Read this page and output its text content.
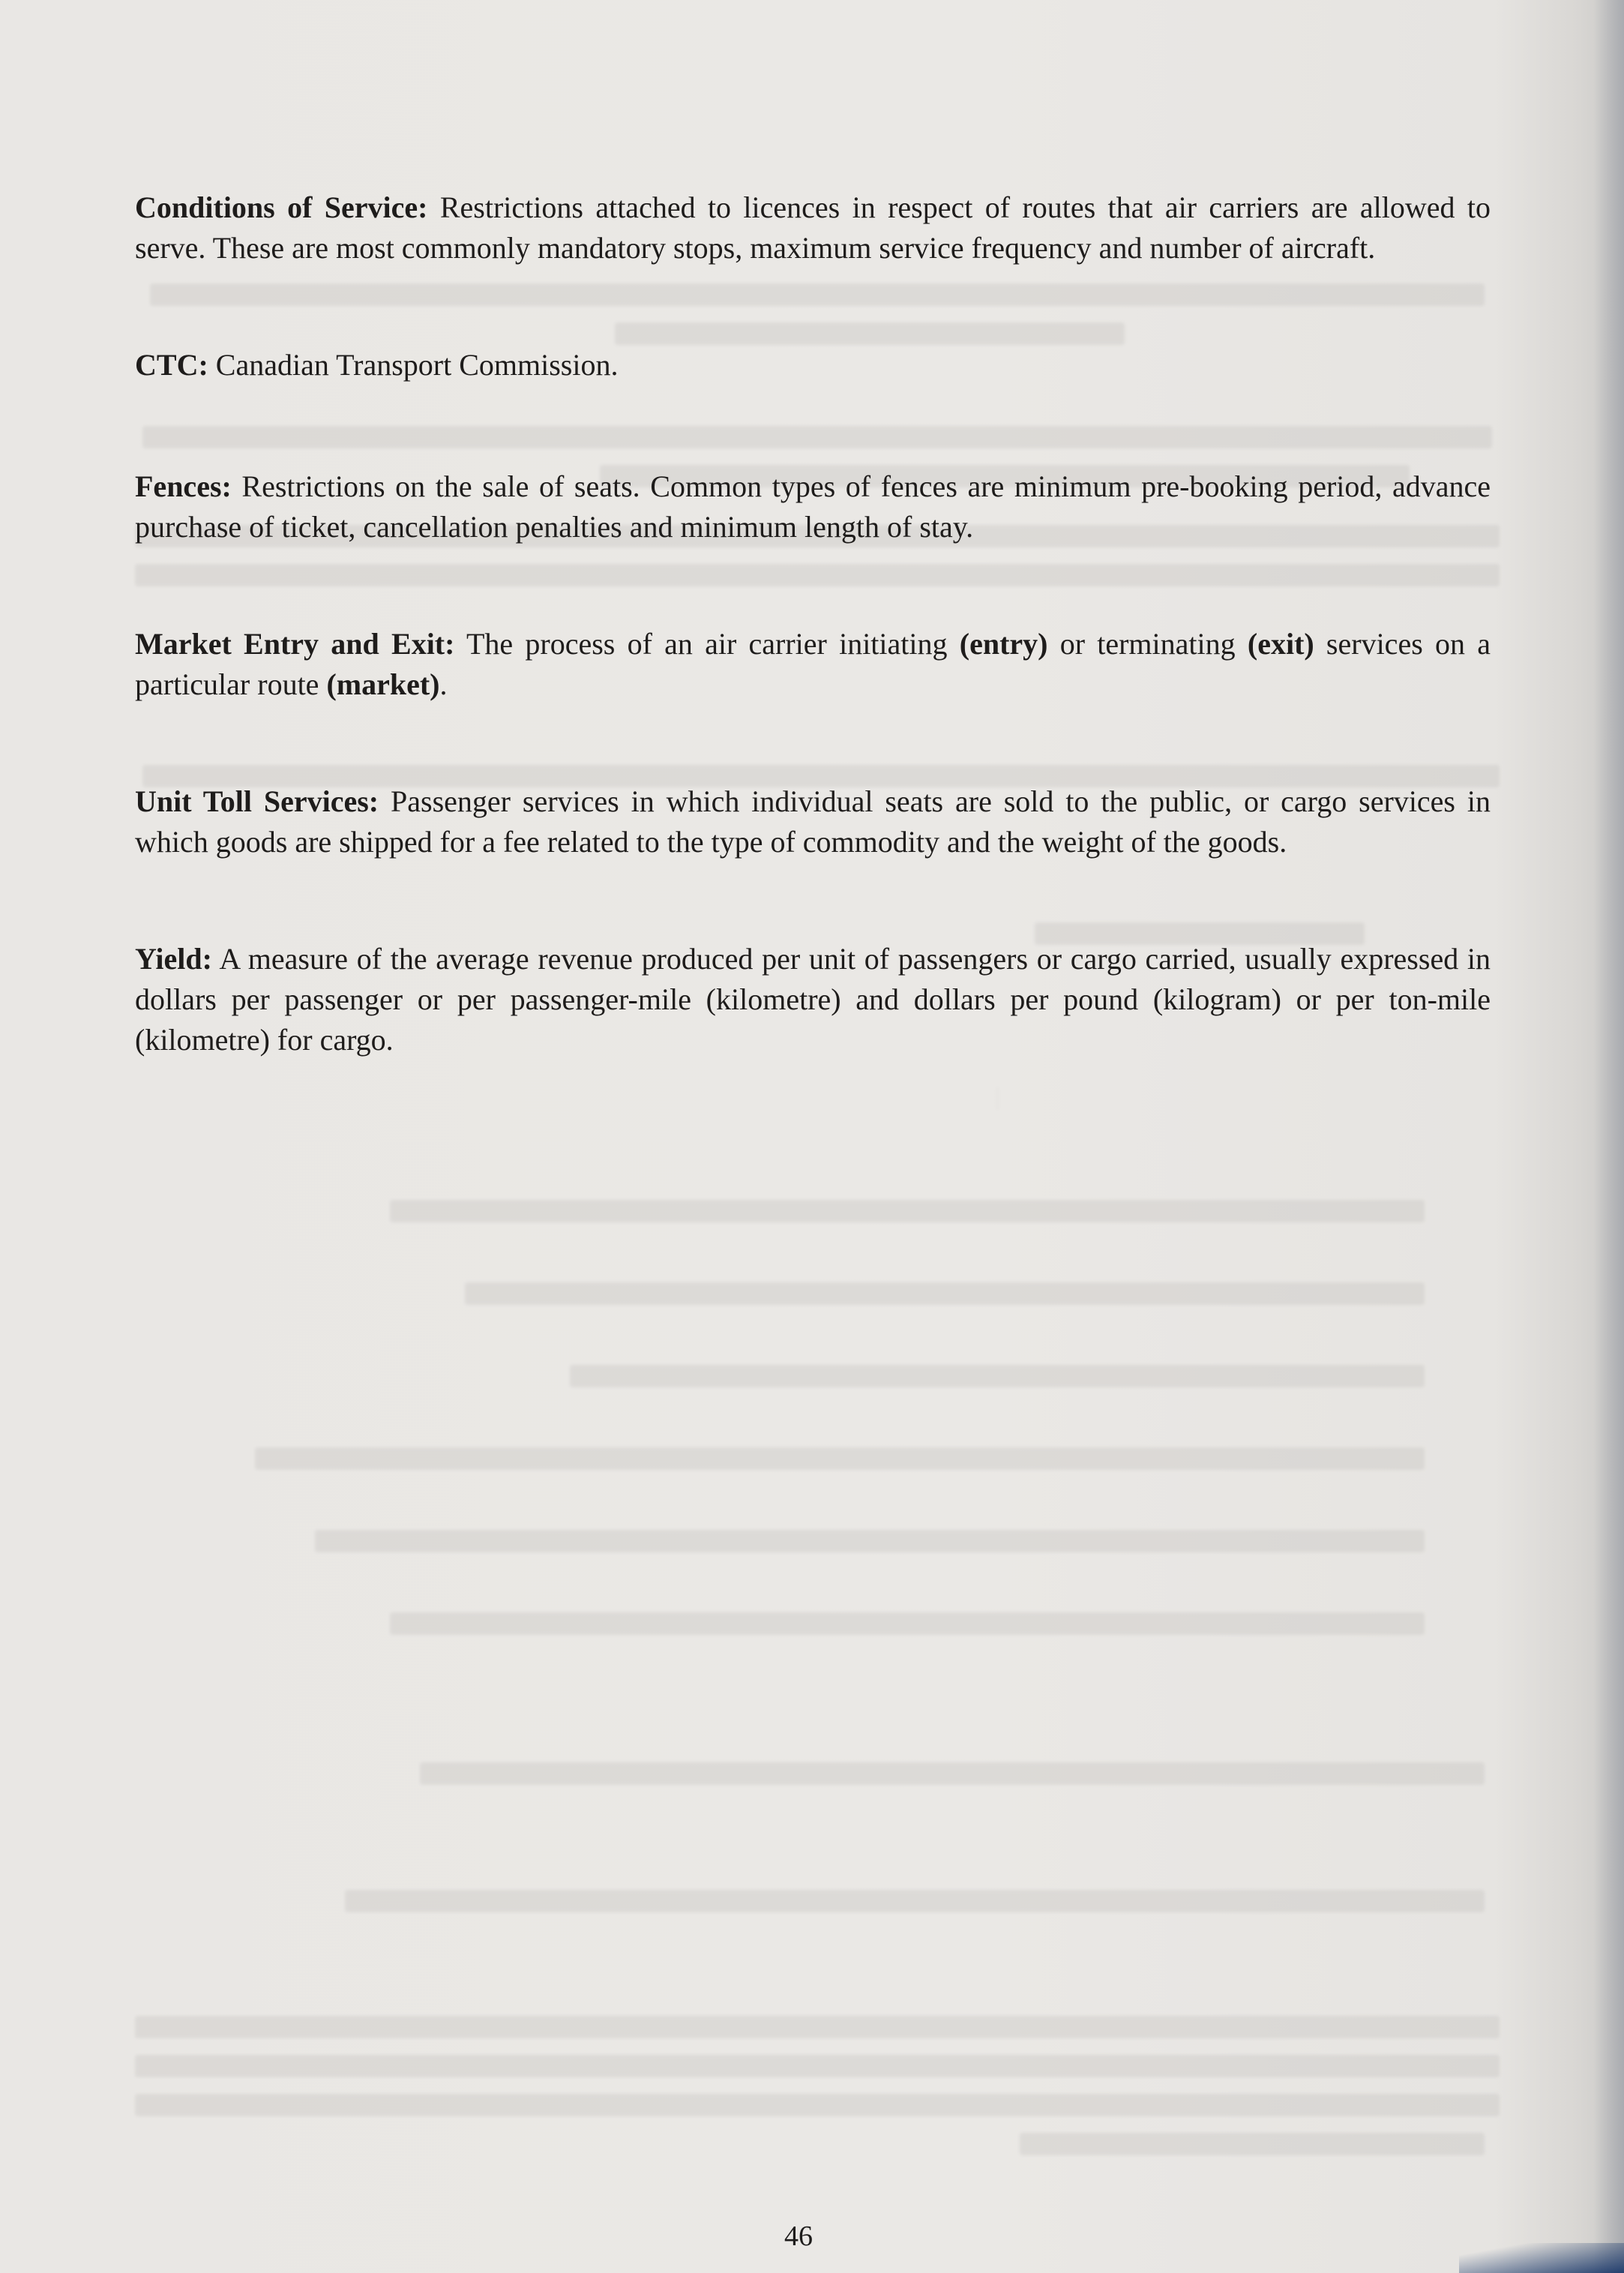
Conditions of Service: Restrictions attached to licences in respect of routes that air carriers are allowed to serve. These are most commonly mandatory stops, maximum service frequency and number of aircraft.

CTC: Canadian Transport Commission.

Fences: Restrictions on the sale of seats. Common types of fences are minimum pre-booking period, advance purchase of ticket, cancellation penalties and minimum length of stay.

Market Entry and Exit: The process of an air carrier initiating (entry) or terminating (exit) services on a particular route (market).

Unit Toll Services: Passenger services in which individual seats are sold to the public, or cargo services in which goods are shipped for a fee related to the type of commodity and the weight of the goods.

Yield: A measure of the average revenue produced per unit of passengers or cargo carried, usually expressed in dollars per passenger or per passenger-mile (kilometre) and dollars per pound (kilogram) or per ton-mile (kilometre) for cargo.

46
